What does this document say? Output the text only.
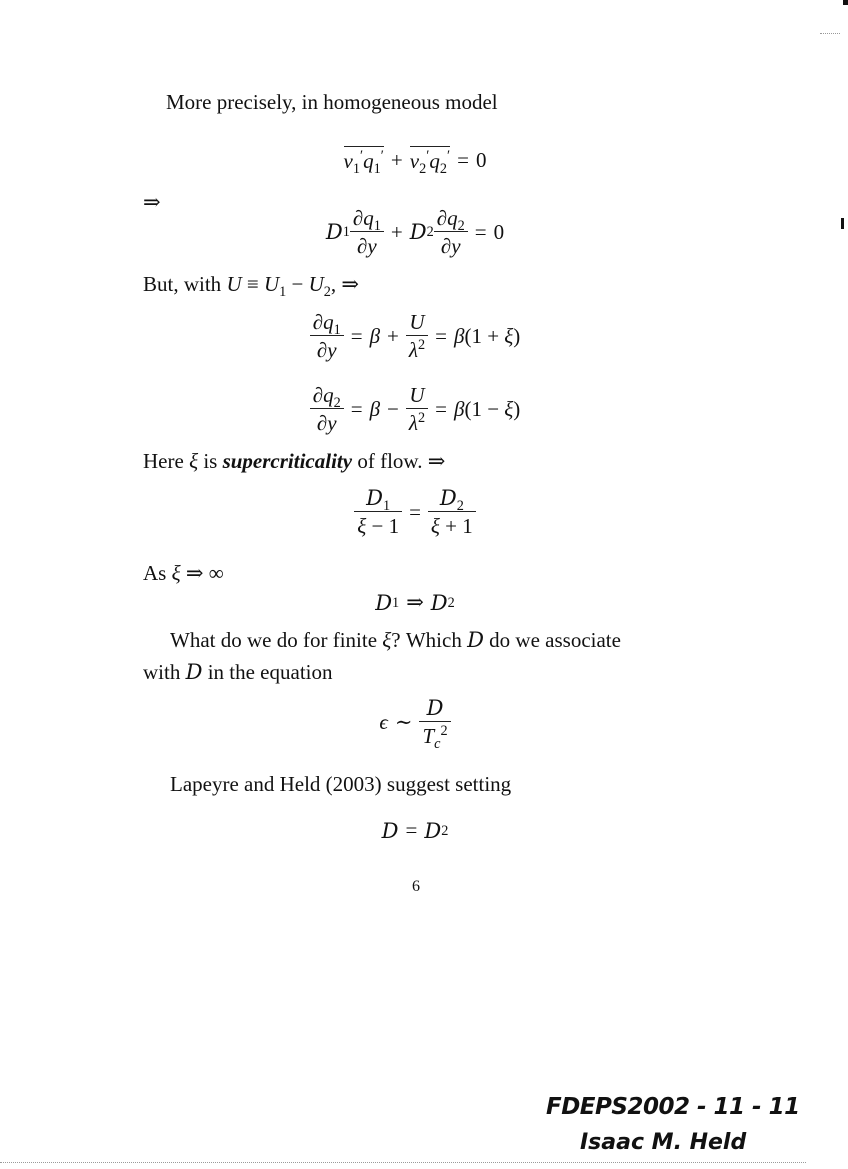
More precisely, in homogeneous model
$v_1'q_1' + v_2'q_2' = 0$
⇒
D $1 \frac{\partial q_1}{\partial y} + D$ $2 \frac{\partial q_2}{\partial y} = 0$
But, with $U \equiv U_1 - U_2$, ⇒
$\frac{\partial q_1}{\partial y} = \beta + \frac{U}{\lambda^2} = \beta(1 + \xi)$
$\frac{\partial q_2}{\partial y} = \beta - \frac{U}{\lambda^2} = \beta(1 - \xi)$
Here ξ is supercriticality of flow. ⇒
$\frac{D_1}{\xi - 1} = \frac{D_2}{\xi + 1}$
As ξ ⇒ ∞
D 1 ⇒ D 2
What do we do for finite ξ? Which D do we associate
with D in the equation
ϵ ∼ $\frac{D}{T_c^2}$
Lapeyre and Held (2003) suggest setting
D = D 2
6
FDEPS2002 - 11 - 11
Isaac M. Held
